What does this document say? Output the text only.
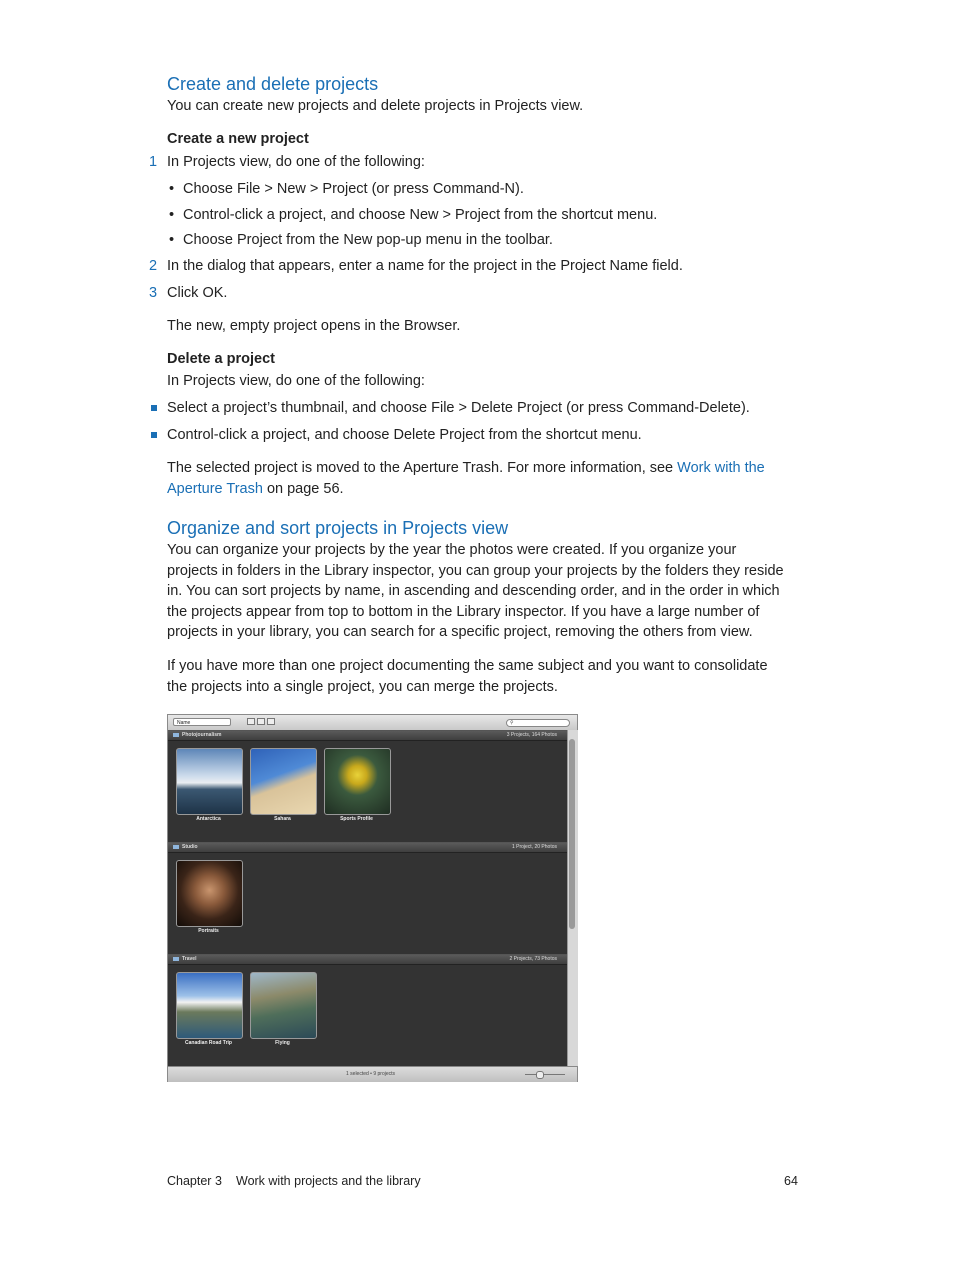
Create and delete projects
You can create new projects and delete projects in Projects view.
Create a new project
1 In Projects view, do one of the following:
• Choose File > New > Project (or press Command-N).
• Control-click a project, and choose New > Project from the shortcut menu.
• Choose Project from the New pop-up menu in the toolbar.
2 In the dialog that appears, enter a name for the project in the Project Name field.
3 Click OK.
The new, empty project opens in the Browser.
Delete a project
In Projects view, do one of the following:
Select a project’s thumbnail, and choose File > Delete Project (or press Command-Delete).
Control-click a project, and choose Delete Project from the shortcut menu.
The selected project is moved to the Aperture Trash. For more information, see Work with the
Aperture Trash on page 56.
Organize and sort projects in Projects view
You can organize your projects by the year the photos were created. If you organize your
projects in folders in the Library inspector, you can group your projects by the folders they reside
in. You can sort projects by name, in ascending and descending order, and in the order in which
the projects appear from top to bottom in the Library inspector. If you have a large number of
projects in your library, you can search for a specific project, removing the others from view.
If you have more than one project documenting the same subject and you want to consolidate
the projects into a single project, you can merge the projects.
Name	⚲
Photojournalism	3 Projects, 164 Photos
Antarctica	Sahara	Sports Profile
Studio	1 Project, 20 Photos
Portraits
Travel	2 Projects, 73 Photos
Canadian Road Trip	Flying
1 selected • 9 projects
Chapter 3 Work with projects and the library	64
